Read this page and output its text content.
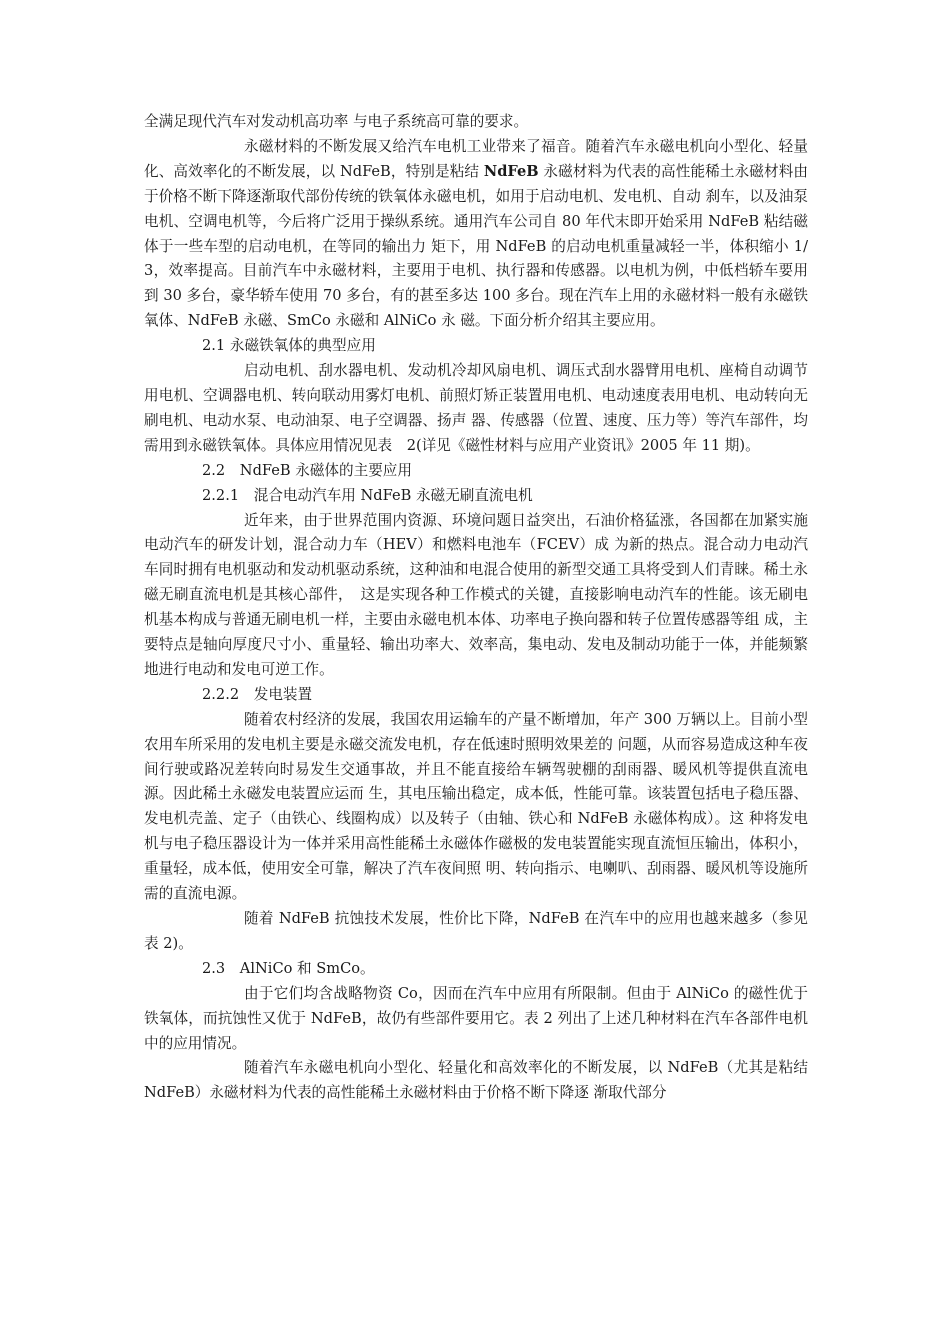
全满足现代汽车对发动机高功率 与电子系统高可靠的要求。

永磁材料的不断发展又给汽车电机工业带来了福音。随着汽车永磁电机向小型化、轻量化、高效率化的不断发展，以 NdFeB，特别是粘结 NdFeB 永磁材料为代表的高性能稀土永磁材料由于价格不断下降逐渐取代部份传统的铁氧体永磁电机，如用于启动电机、发电机、自动 刹车，以及油泵电机、空调电机等，今后将广泛用于操纵系统。通用汽车公司自 80 年代末即开始采用 NdFeB 粘结磁体于一些车型的启动电机，在等同的输出力 矩下，用 NdFeB 的启动电机重量减轻一半，体积缩小 1/3，效率提高。目前汽车中永磁材料，主要用于电机、执行器和传感器。以电机为例，中低档轿车要用 到 30 多台，豪华轿车使用 70 多台，有的甚至多达 100 多台。现在汽车上用的永磁材料一般有永磁铁氧体、NdFeB 永磁、SmCo 永磁和 AlNiCo 永 磁。下面分析介绍其主要应用。

2.1 永磁铁氧体的典型应用

启动电机、刮水器电机、发动机冷却风扇电机、调压式刮水器臂用电机、座椅自动调节用电机、空调器电机、转向联动用雾灯电机、前照灯矫正装置用电机、电动速度表用电机、电动转向无刷电机、电动水泵、电动油泵、电子空调器、扬声 器、传感器（位置、速度、压力等）等汽车部件，均需用到永磁铁氧体。具体应用情况见表　2(详见《磁性材料与应用产业资讯》2005 年 11 期)。

2.2　NdFeB 永磁体的主要应用

2.2.1　混合电动汽车用 NdFeB 永磁无刷直流电机

近年来，由于世界范围内资源、环境问题日益突出，石油价格猛涨，各国都在加紧实施电动汽车的研发计划，混合动力车（HEV）和燃料电池车（FCEV）成 为新的热点。混合动力电动汽车同时拥有电机驱动和发动机驱动系统，这种油和电混合使用的新型交通工具将受到人们青睐。稀土永磁无刷直流电机是其核心部件，　这是实现各种工作模式的关键，直接影响电动汽车的性能。该无刷电机基本构成与普通无刷电机一样，主要由永磁电机本体、功率电子换向器和转子位置传感器等组 成，主要特点是轴向厚度尺寸小、重量轻、输出功率大、效率高，集电动、发电及制动功能于一体，并能频繁地进行电动和发电可逆工作。

2.2.2　发电装置

随着农村经济的发展，我国农用运输车的产量不断增加，年产 300 万辆以上。目前小型农用车所采用的发电机主要是永磁交流发电机，存在低速时照明效果差的 问题，从而容易造成这种车夜间行驶或路况差转向时易发生交通事故，并且不能直接给车辆驾驶棚的刮雨器、暖风机等提供直流电源。因此稀土永磁发电装置应运而 生，其电压输出稳定，成本低，性能可靠。该装置包括电子稳压器、发电机壳盖、定子（由铁心、线圈构成）以及转子（由轴、铁心和 NdFeB 永磁体构成）。这 种将发电机与电子稳压器设计为一体并采用高性能稀土永磁体作磁极的发电装置能实现直流恒压输出，体积小，重量轻，成本低，使用安全可靠，解决了汽车夜间照 明、转向指示、电喇叭、刮雨器、暖风机等设施所需的直流电源。

随着 NdFeB 抗蚀技术发展，性价比下降，NdFeB 在汽车中的应用也越来越多（参见表 2)。

2.3　AlNiCo 和 SmCo。

由于它们均含战略物资 Co，因而在汽车中应用有所限制。但由于 AlNiCo 的磁性优于铁氧体，而抗蚀性又优于 NdFeB，故仍有些部件要用它。表 2 列出了上述几种材料在汽车各部件电机中的应用情况。

随着汽车永磁电机向小型化、轻量化和高效率化的不断发展，以 NdFeB（尤其是粘结 NdFeB）永磁材料为代表的高性能稀土永磁材料由于价格不断下降逐 渐取代部分
